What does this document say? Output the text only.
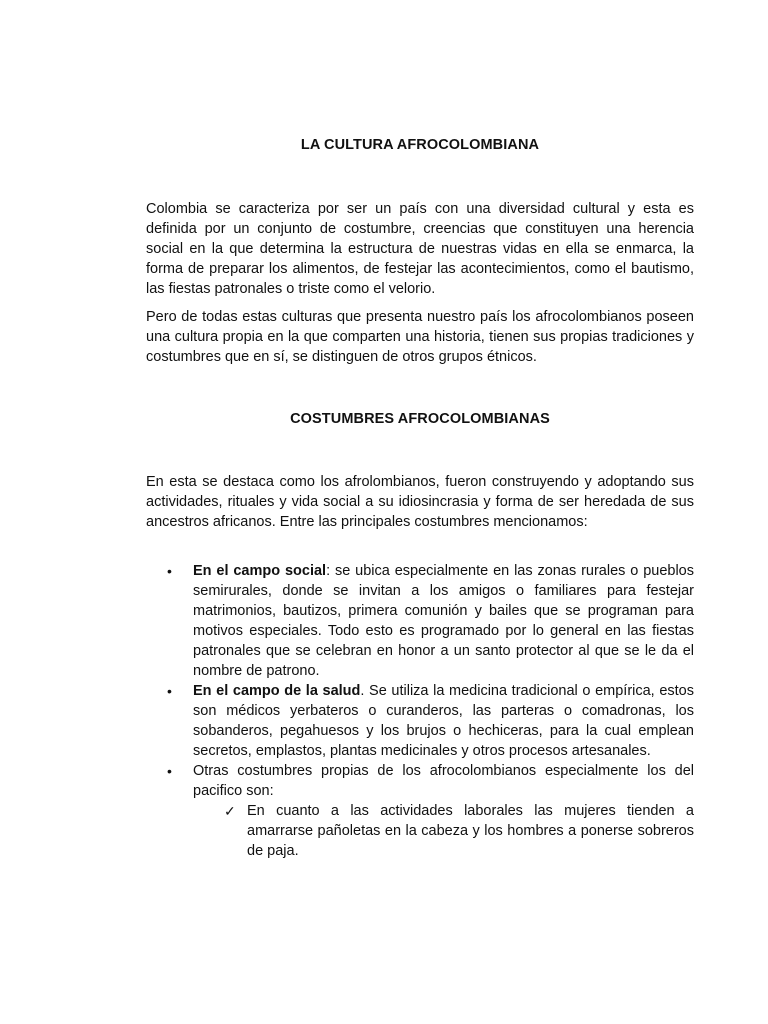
LA CULTURA AFROCOLOMBIANA

Colombia se caracteriza por ser un país con una diversidad cultural y esta es definida por un conjunto de costumbre, creencias que constituyen una herencia social en la que determina la estructura de nuestras vidas en ella se enmarca, la forma de preparar los alimentos, de festejar las acontecimientos, como el bautismo, las fiestas patronales o triste como el velorio.

Pero de todas estas culturas que presenta nuestro país los afrocolombianos poseen una cultura propia en la que comparten una historia, tienen sus propias tradiciones y costumbres que en sí, se distinguen de otros grupos étnicos.

COSTUMBRES AFROCOLOMBIANAS

En esta se destaca como los afrolombianos, fueron construyendo y adoptando sus actividades, rituales y vida social a su idiosincrasia y forma de ser heredada de sus ancestros africanos. Entre las principales costumbres mencionamos:

• En el campo social: se ubica especialmente en las zonas rurales o pueblos semirurales, donde se invitan a los amigos o familiares para festejar matrimonios, bautizos, primera comunión y bailes que se programan para motivos especiales. Todo esto es programado por lo general en las fiestas patronales que se celebran en honor a un santo protector al que se le da el nombre de patrono.
• En el campo de la salud. Se utiliza la medicina tradicional o empírica, estos son médicos yerbateros o curanderos, las parteras o comadronas, los sobanderos, pegahuesos y los brujos o hechiceras, para la cual emplean secretos, emplastos, plantas medicinales y otros procesos artesanales.
• Otras costumbres propias de los afrocolombianos especialmente los del pacifico son:
✓ En cuanto a las actividades laborales las mujeres tienden a amarrarse pañoletas en la cabeza y los hombres a ponerse sobreros de paja.
